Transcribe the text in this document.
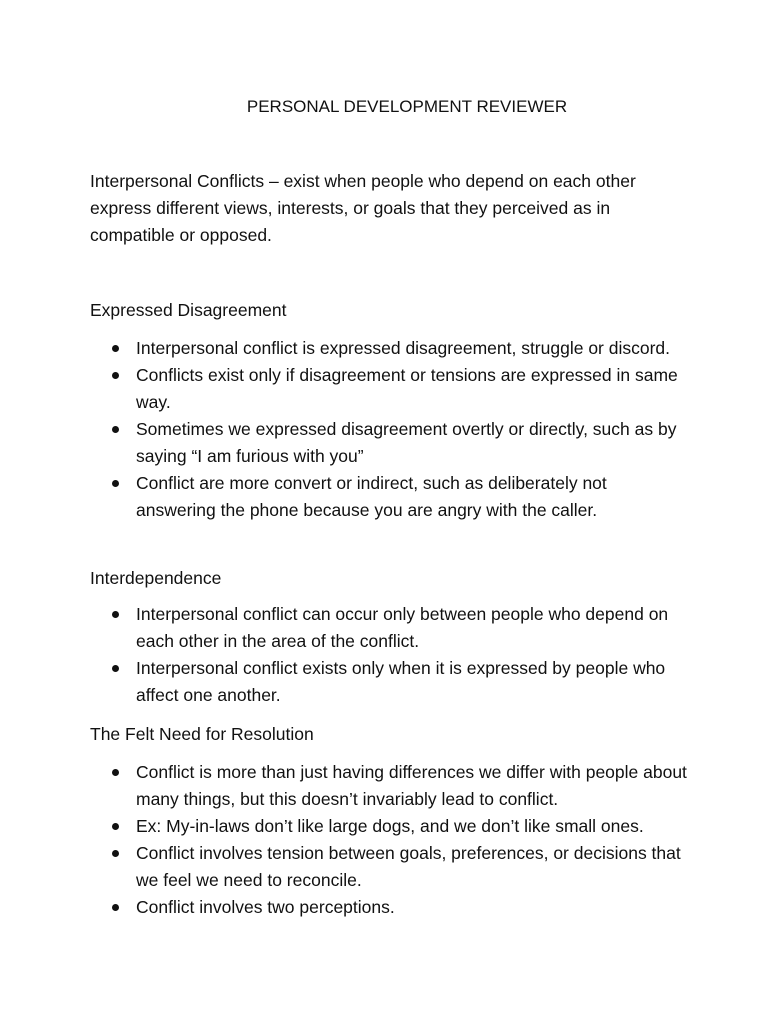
PERSONAL DEVELOPMENT REVIEWER
Interpersonal Conflicts – exist when people who depend on each other express different views, interests, or goals that they perceived as in compatible or opposed.
Expressed Disagreement
Interpersonal conflict is expressed disagreement, struggle or discord.
Conflicts exist only if disagreement or tensions are expressed in same way.
Sometimes we expressed disagreement overtly or directly, such as by saying “I am furious with you”
Conflict are more convert or indirect, such as deliberately not answering the phone because you are angry with the caller.
Interdependence
Interpersonal conflict can occur only between people who depend on each other in the area of the conflict.
Interpersonal conflict exists only when it is expressed by people who affect one another.
The Felt Need for Resolution
Conflict is more than just having differences we differ with people about many things, but this doesn’t invariably lead to conflict.
Ex: My-in-laws don’t like large dogs, and we don’t like small ones.
Conflict involves tension between goals, preferences, or decisions that we feel we need to reconcile.
Conflict involves two perceptions.
